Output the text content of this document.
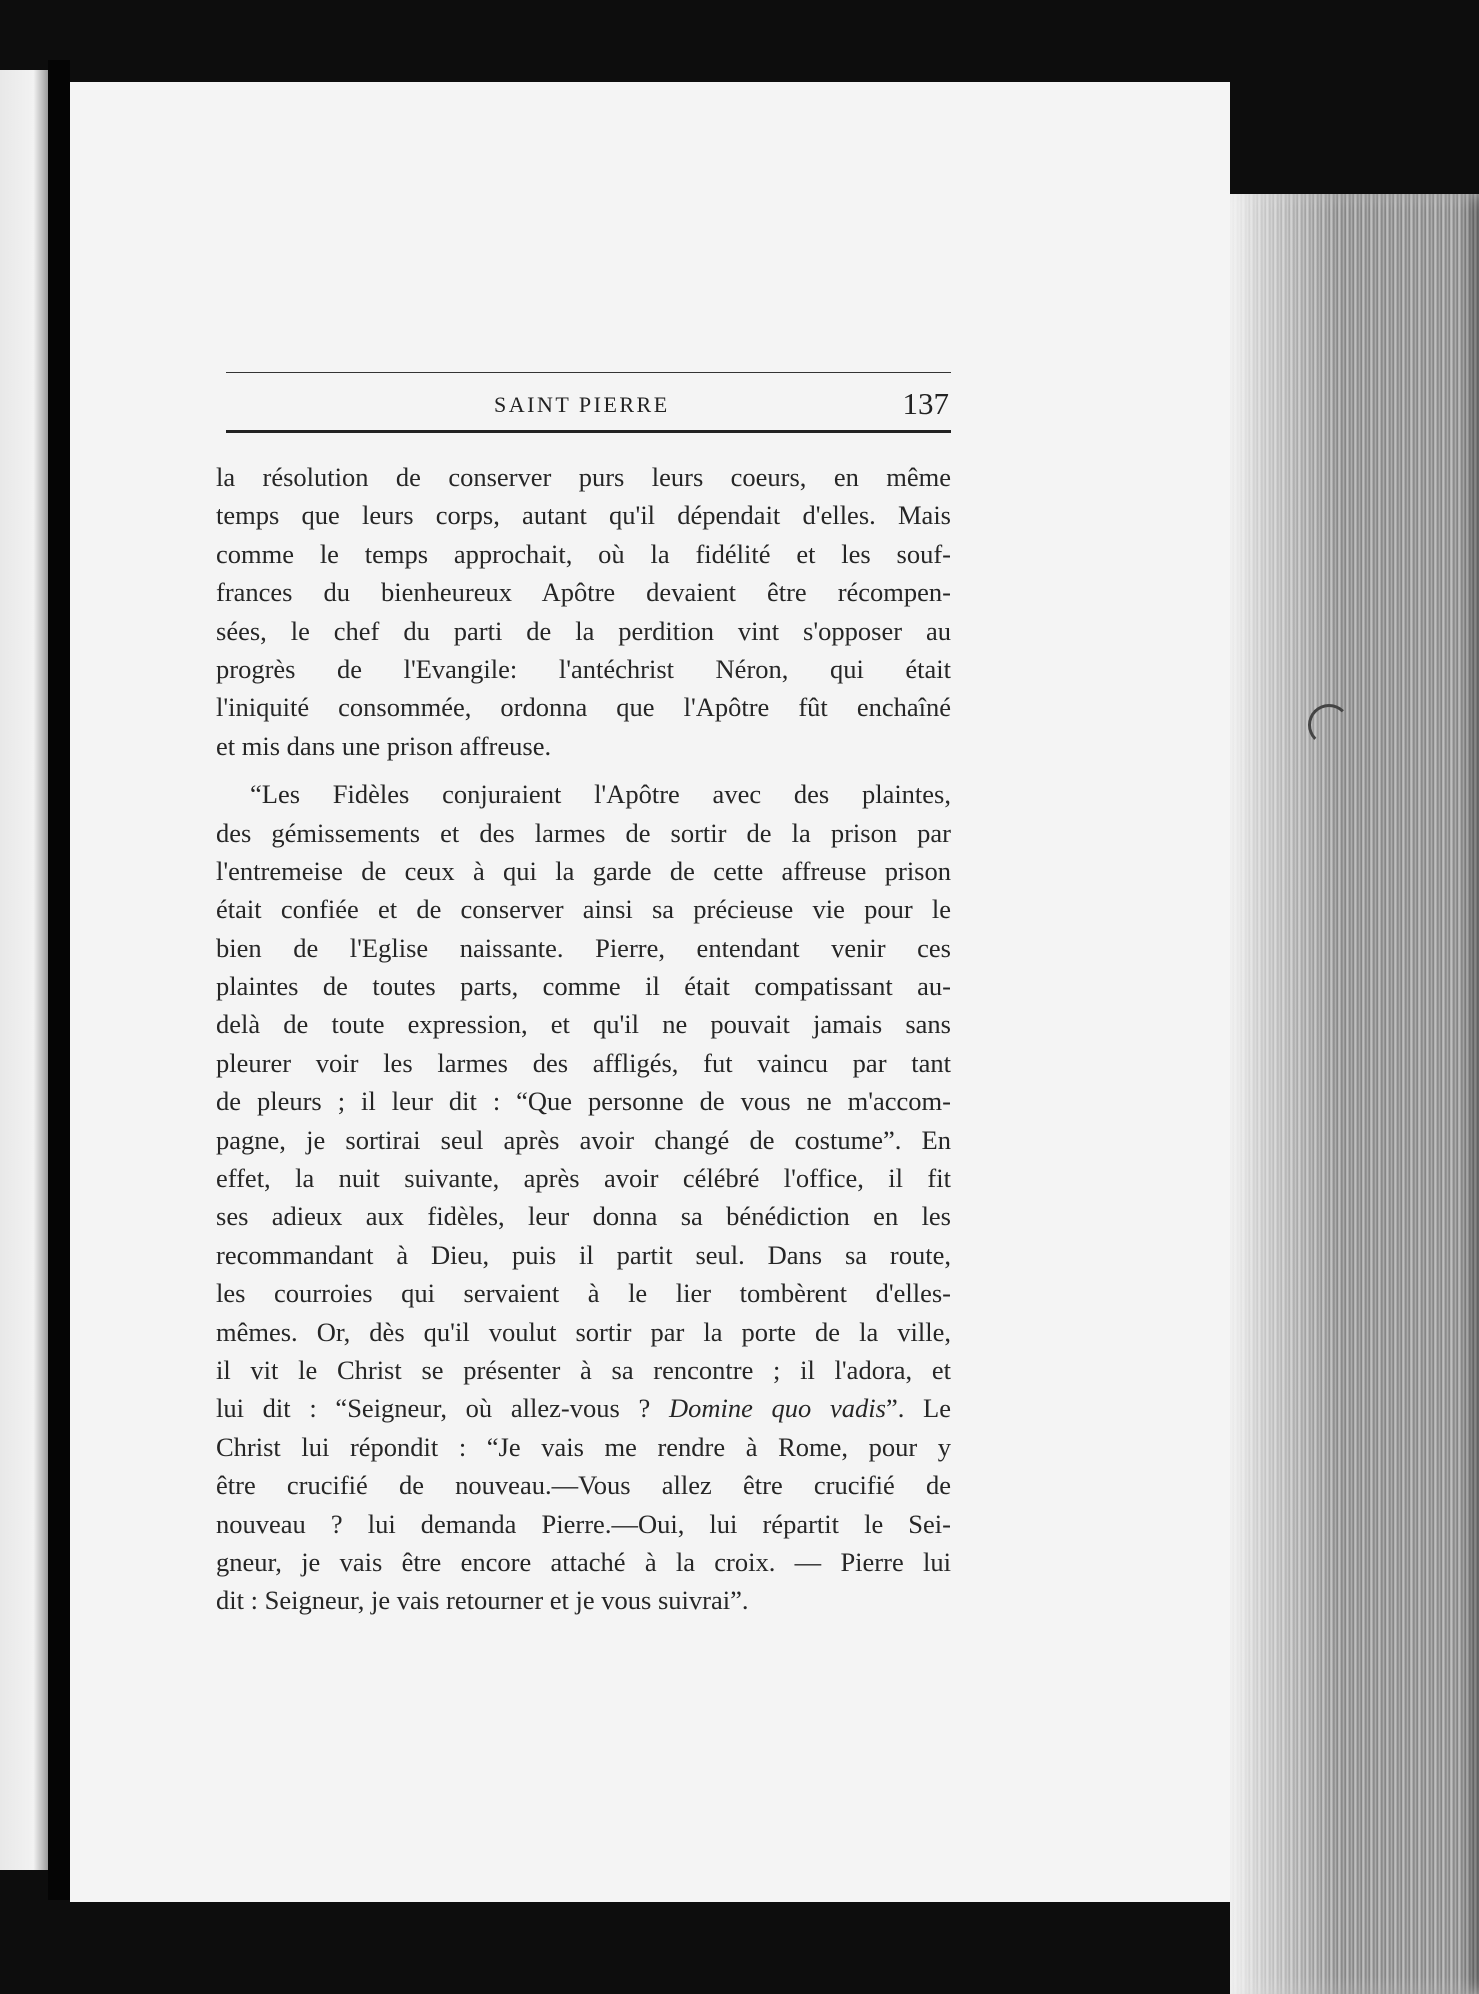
SAINT PIERRE	137
la résolution de conserver purs leurs coeurs, en même
temps que leurs corps, autant qu'il dépendait d'elles. Mais
comme le temps approchait, où la fidélité et les souf-
frances du bienheureux Apôtre devaient être récompen-
sées, le chef du parti de la perdition vint s'opposer au
progrès de l'Evangile: l'antéchrist Néron, qui était
l'iniquité consommée, ordonna que l'Apôtre fût enchaîné
et mis dans une prison affreuse.
“Les Fidèles conjuraient l'Apôtre avec des plaintes,
des gémissements et des larmes de sortir de la prison par
l'entremeise de ceux à qui la garde de cette affreuse prison
était confiée et de conserver ainsi sa précieuse vie pour le
bien de l'Eglise naissante. Pierre, entendant venir ces
plaintes de toutes parts, comme il était compatissant au-
delà de toute expression, et qu'il ne pouvait jamais sans
pleurer voir les larmes des affligés, fut vaincu par tant
de pleurs ; il leur dit : “Que personne de vous ne m'accom-
pagne, je sortirai seul après avoir changé de costume”. En
effet, la nuit suivante, après avoir célébré l'office, il fit
ses adieux aux fidèles, leur donna sa bénédiction en les
recommandant à Dieu, puis il partit seul. Dans sa route,
les courroies qui servaient à le lier tombèrent d'elles-
mêmes. Or, dès qu'il voulut sortir par la porte de la ville,
il vit le Christ se présenter à sa rencontre ; il l'adora, et
lui dit : “Seigneur, où allez-vous ? Domine quo vadis”. Le
Christ lui répondit : “Je vais me rendre à Rome, pour y
être crucifié de nouveau.—Vous allez être crucifié de
nouveau ? lui demanda Pierre.—Oui, lui répartit le Sei-
gneur, je vais être encore attaché à la croix. — Pierre lui
dit : Seigneur, je vais retourner et je vous suivrai”.
